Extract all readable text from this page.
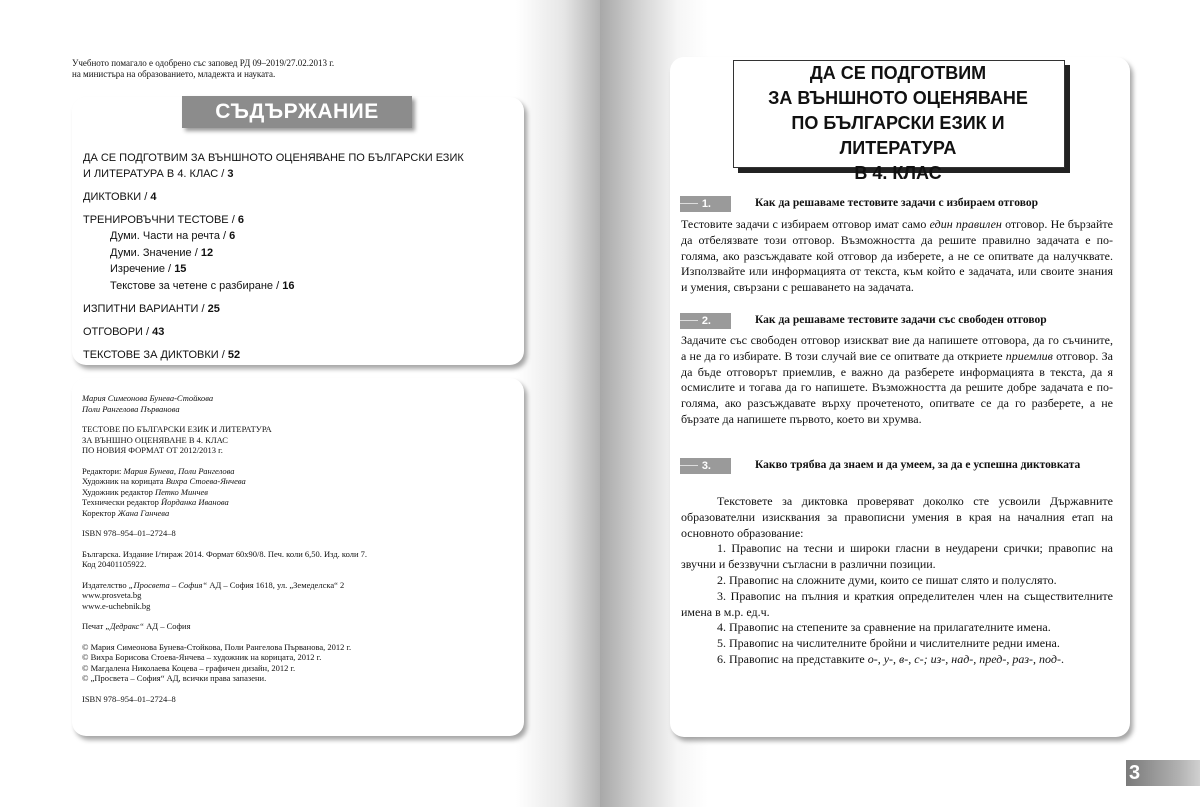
Учебното помагало е одобрено със заповед РД 09–2019/27.02.2013 г.
на министъра на образованието, младежта и науката.
СЪДЪРЖАНИЕ
ДА СЕ ПОДГОТВИМ ЗА ВЪНШНОТО ОЦЕНЯВАНЕ ПО БЪЛГАРСКИ ЕЗИК
И ЛИТЕРАТУРА В 4. КЛАС / 3
ДИКТОВКИ / 4
ТРЕНИРОВЪЧНИ ТЕСТОВЕ / 6
Думи. Части на речта / 6
Думи. Значение / 12
Изречение / 15
Текстове за четене с разбиране / 16
ИЗПИТНИ ВАРИАНТИ / 25
ОТГОВОРИ / 43
ТЕКСТОВЕ ЗА ДИКТОВКИ / 52
Мария Симеонова Бунева-Стойкова
Поли Рангелова Първанова
ТЕСТОВЕ ПО БЪЛГАРСКИ ЕЗИК И ЛИТЕРАТУРА
ЗА ВЪНШНО ОЦЕНЯВАНЕ В 4. КЛАС
ПО НОВИЯ ФОРМАТ ОТ 2012/2013 г.
Редактори: Мария Бунева, Поли Рангелова
Художник на корицата Вихра Стоева-Янчева
Художник редактор Петко Минчев
Технически редактор Йорданка Иванова
Коректор Жана Ганчева
ISBN 978–954–01–2724–8
Българска. Издание I/тираж 2014. Формат 60х90/8. Печ. коли 6,50. Изд. коли 7.
Код 20401105922.
Издателство „Просвета – София“ АД – София 1618, ул. „Земеделска“ 2
www.prosveta.bg
www.e-uchebnik.bg
Печат „Дедракс“ АД – София
© Мария Симеонова Бунева-Стойкова, Поли Рангелова Първанова, 2012 г.
© Вихра Борисова Стоева-Янчева – художник на корицата, 2012 г.
© Магдалена Николаева Коцева – графичен дизайн, 2012 г.
© „Просвета – София“ АД, всички права запазени.
ISBN 978–954–01–2724–8
ДА СЕ ПОДГОТВИМ
ЗА ВЪНШНОТО ОЦЕНЯВАНЕ
ПО БЪЛГАРСКИ ЕЗИК И ЛИТЕРАТУРА
В 4. КЛАС
1.	Как да решаваме тестовите задачи с избираем отговор
Тестовите задачи с избираем отговор имат само един правилен отговор. Не бързайте да отбелязвате този отговор. Възможността да решите правилно задачата е по-голяма, ако разсъждавате кой отговор да изберете, а не се опитвате да налучквате. Използвайте или информацията от текста, към който е задачата, или своите знания и умения, свързани с решаването на задачата.
2.	Как да решаваме тестовите задачи със свободен отговор
Задачите със свободен отговор изискват вие да напишете отговора, да го съчините, а не да го избирате. В този случай вие се опитвате да откриете приемлив отговор. За да бъде отговорът приемлив, е важно да разберете информацията в текста, да я осмислите и тогава да го напишете. Възможността да решите добре задачата е по-голяма, ако разсъждавате върху прочетеното, опитвате се да го разберете, а не бързате да напишете първото, което ви хрумва.
3.	Какво трябва да знаем и да умеем, за да е успешна диктовката
Текстовете за диктовка проверяват доколко сте усвоили Държавните образователни изисквания за правописни умения в края на началния етап на основното образование:
1. Правопис на тесни и широки гласни в неударени срички; правопис на звучни и беззвучни съгласни в различни позиции.
2. Правопис на сложните думи, които се пишат слято и полуслято.
3. Правопис на пълния и краткия определителен член на съществителните имена в м.р. ед.ч.
4. Правопис на степените за сравнение на прилагателните имена.
5. Правопис на числителните бройни и числителните редни имена.
6. Правопис на представките о-, у-, в-, с-; из-, над-, пред-, раз-, под-.
3
